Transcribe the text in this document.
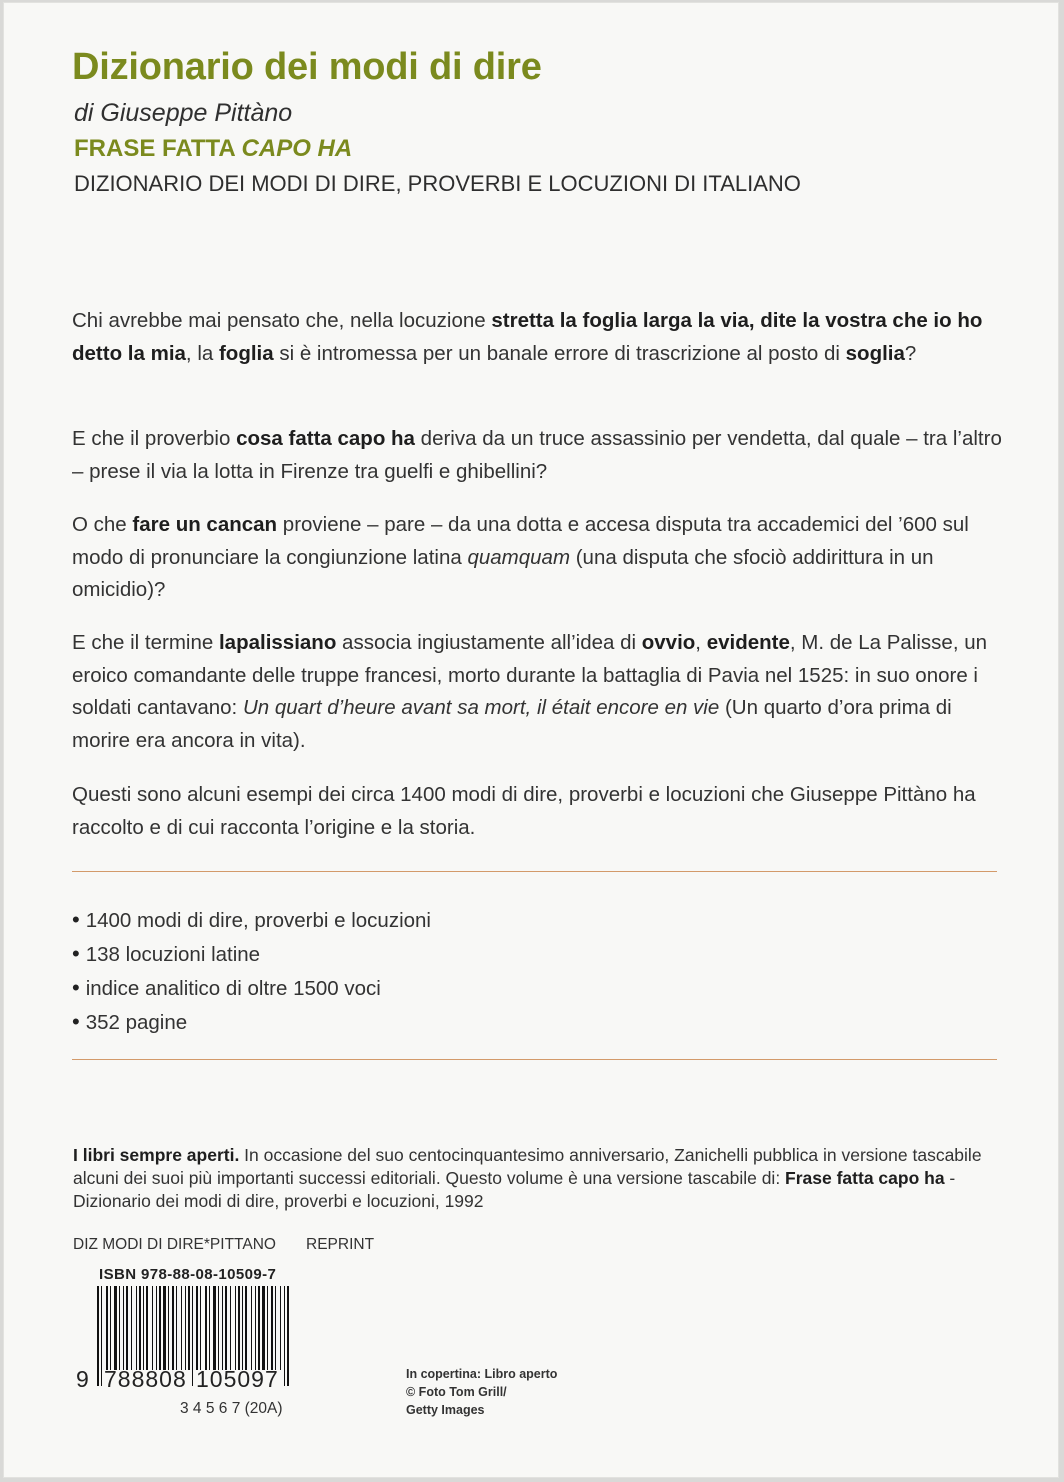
Dizionario dei modi di dire
di Giuseppe Pittàno
FRASE FATTA CAPO HA
DIZIONARIO DEI MODI DI DIRE, PROVERBI E LOCUZIONI DI ITALIANO

Chi avrebbe mai pensato che, nella locuzione stretta la foglia larga la via, dite la vostra che io ho detto la mia, la foglia si è intromessa per un banale errore di trascrizione al posto di soglia?

E che il proverbio cosa fatta capo ha deriva da un truce assassinio per vendetta, dal quale – tra l’altro – prese il via la lotta in Firenze tra guelfi e ghibellini?

O che fare un cancan proviene – pare – da una dotta e accesa disputa tra accademici del ’600 sul modo di pronunciare la congiunzione latina quamquam (una disputa che sfociò addirittura in un omicidio)?

E che il termine lapalissiano associa ingiustamente all’idea di ovvio, evidente, M. de La Palisse, un eroico comandante delle truppe francesi, morto durante la battaglia di Pavia nel 1525: in suo onore i soldati cantavano: Un quart d’heure avant sa mort, il était encore en vie (Un quarto d’ora prima di morire era ancora in vita).

Questi sono alcuni esempi dei circa 1400 modi di dire, proverbi e locuzioni che Giuseppe Pittàno ha raccolto e di cui racconta l’origine e la storia.

• 1400 modi di dire, proverbi e locuzioni
• 138 locuzioni latine
• indice analitico di oltre 1500 voci
• 352 pagine

I libri sempre aperti. In occasione del suo centocinquantesimo anniversario, Zanichelli pubblica in versione tascabile alcuni dei suoi più importanti successi editoriali. Questo volume è una versione tascabile di: Frase fatta capo ha - Dizionario dei modi di dire, proverbi e locuzioni, 1992

DIZ MODI DI DIRE*PITTANO REPRINT
ISBN 978-88-08-10509-7
9 788808 105097
3 4 5 6 7 (20A)
In copertina: Libro aperto
© Foto Tom Grill/
Getty Images
